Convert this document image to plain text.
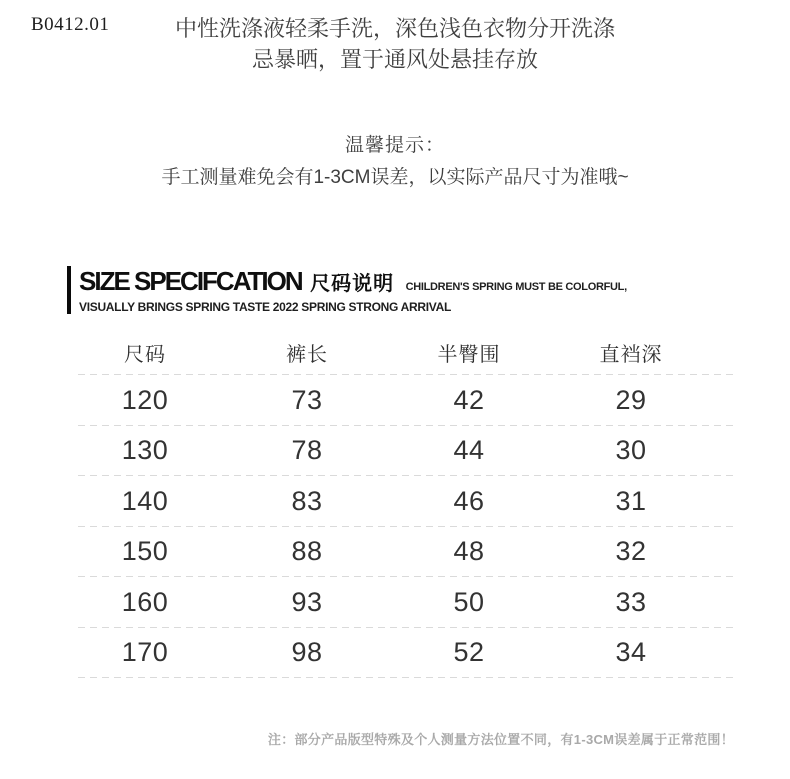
B0412.01	中性洗涤液轻柔手洗，深色浅色衣物分开洗涤
忌暴晒，置于通风处悬挂存放
温馨提示：
手工测量难免会有1-3CM误差，以实际产品尺寸为准哦~
SIZE SPECIFCATION 尺码说明 CHILDREN'S SPRING MUST BE COLORFUL,
VISUALLY BRINGS SPRING TASTE 2022 SPRING STRONG ARRIVAL
尺码	裤长	半臀围	直裆深
120	73	42	29
130	78	44	30
140	83	46	31
150	88	48	32
160	93	50	33
170	98	52	34
注：部分产品版型特殊及个人测量方法位置不同，有1-3CM误差属于正常范围！
